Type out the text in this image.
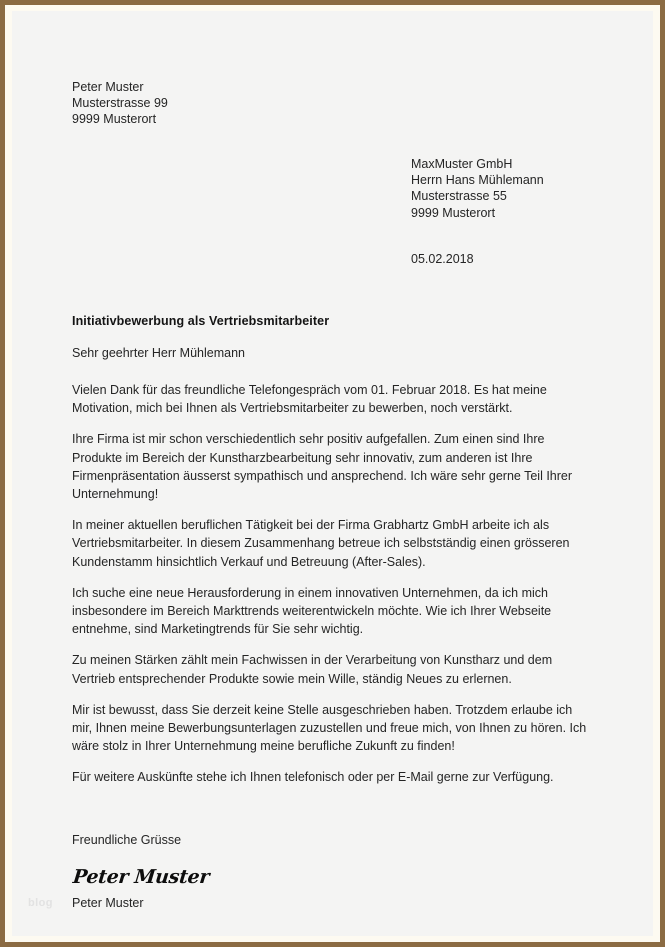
Peter Muster
Musterstrasse 99
9999 Musterort
MaxMuster GmbH
Herrn Hans Mühlemann
Musterstrasse 55
9999 Musterort
05.02.2018
Initiativbewerbung als Vertriebsmitarbeiter
Sehr geehrter Herr Mühlemann

Vielen Dank für das freundliche Telefongespräch vom 01. Februar 2018. Es hat meine Motivation, mich bei Ihnen als Vertriebsmitarbeiter zu bewerben, noch verstärkt.

Ihre Firma ist mir schon verschiedentlich sehr positiv aufgefallen. Zum einen sind Ihre Produkte im Bereich der Kunstharzbearbeitung sehr innovativ, zum anderen ist Ihre Firmenpräsentation äusserst sympathisch und ansprechend. Ich wäre sehr gerne Teil Ihrer Unternehmung!

In meiner aktuellen beruflichen Tätigkeit bei der Firma Grabhartz GmbH arbeite ich als Vertriebsmitarbeiter. In diesem Zusammenhang betreue ich selbstständig einen grösseren Kundenstamm hinsichtlich Verkauf und Betreuung (After-Sales).

Ich suche eine neue Herausforderung in einem innovativen Unternehmen, da ich mich insbesondere im Bereich Markttrends weiterentwickeln möchte. Wie ich Ihrer Webseite entnehme, sind Marketingtrends für Sie sehr wichtig.

Zu meinen Stärken zählt mein Fachwissen in der Verarbeitung von Kunstharz und dem Vertrieb entsprechender Produkte sowie mein Wille, ständig Neues zu erlernen.

Mir ist bewusst, dass Sie derzeit keine Stelle ausgeschrieben haben. Trotzdem erlaube ich mir, Ihnen meine Bewerbungsunterlagen zuzustellen und freue mich, von Ihnen zu hören. Ich wäre stolz in Ihrer Unternehmung meine berufliche Zukunft zu finden!

Für weitere Auskünfte stehe ich Ihnen telefonisch oder per E-Mail gerne zur Verfügung.

Freundliche Grüsse
Peter Muster
Peter Muster
blog
